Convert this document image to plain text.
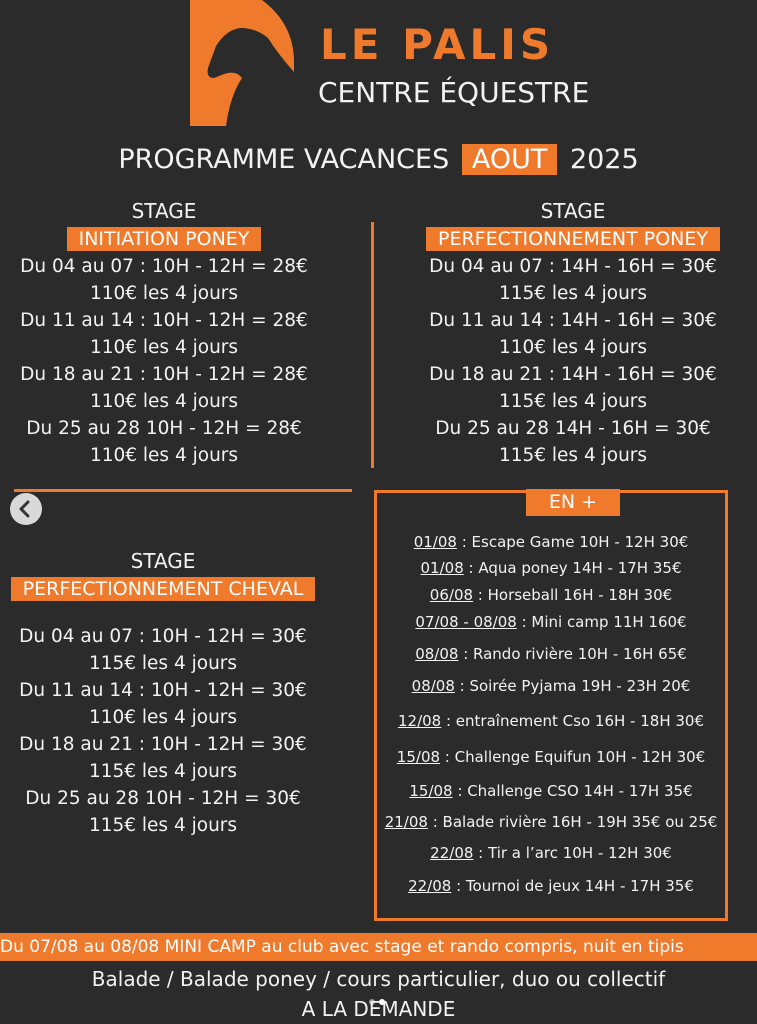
LE PALIS
CENTRE ÉQUESTRE
PROGRAMME VACANCES AOUT 2025
STAGE
INITIATION PONEY
Du 04 au 07 : 10H - 12H = 28€
110€ les 4 jours
Du 11 au 14 : 10H - 12H = 28€
110€ les 4 jours
Du 18 au 21 : 10H - 12H = 28€
110€ les 4 jours
Du 25 au 28 10H - 12H = 28€
110€ les 4 jours
STAGE
PERFECTIONNEMENT PONEY
Du 04 au 07 : 14H - 16H = 30€
115€ les 4 jours
Du 11 au 14 : 14H - 16H = 30€
110€ les 4 jours
Du 18 au 21 : 14H - 16H = 30€
115€ les 4 jours
Du 25 au 28 14H - 16H = 30€
115€ les 4 jours
STAGE
PERFECTIONNEMENT CHEVAL
Du 04 au 07 : 10H - 12H = 30€
115€ les 4 jours
Du 11 au 14 : 10H - 12H = 30€
110€ les 4 jours
Du 18 au 21 : 10H - 12H = 30€
115€ les 4 jours
Du 25 au 28 10H - 12H = 30€
115€ les 4 jours
EN +
01/08 : Escape Game 10H - 12H 30€
01/08 : Aqua poney 14H - 17H 35€
06/08 : Horseball 16H - 18H 30€
07/08 - 08/08 : Mini camp 11H 160€
08/08 : Rando rivière 10H - 16H 65€
08/08 : Soirée Pyjama 19H - 23H 20€
12/08 : entraînement Cso 16H - 18H 30€
15/08 : Challenge Equifun 10H - 12H 30€
15/08 : Challenge CSO 14H - 17H 35€
21/08 : Balade rivière 16H - 19H 35€ ou 25€
22/08 : Tir a l’arc 10H - 12H 30€
22/08 : Tournoi de jeux 14H - 17H 35€
Du 07/08 au 08/08 MINI CAMP au club avec stage et rando compris, nuit en tipis
Balade / Balade poney / cours particulier, duo ou collectif
A LA DEMANDE
